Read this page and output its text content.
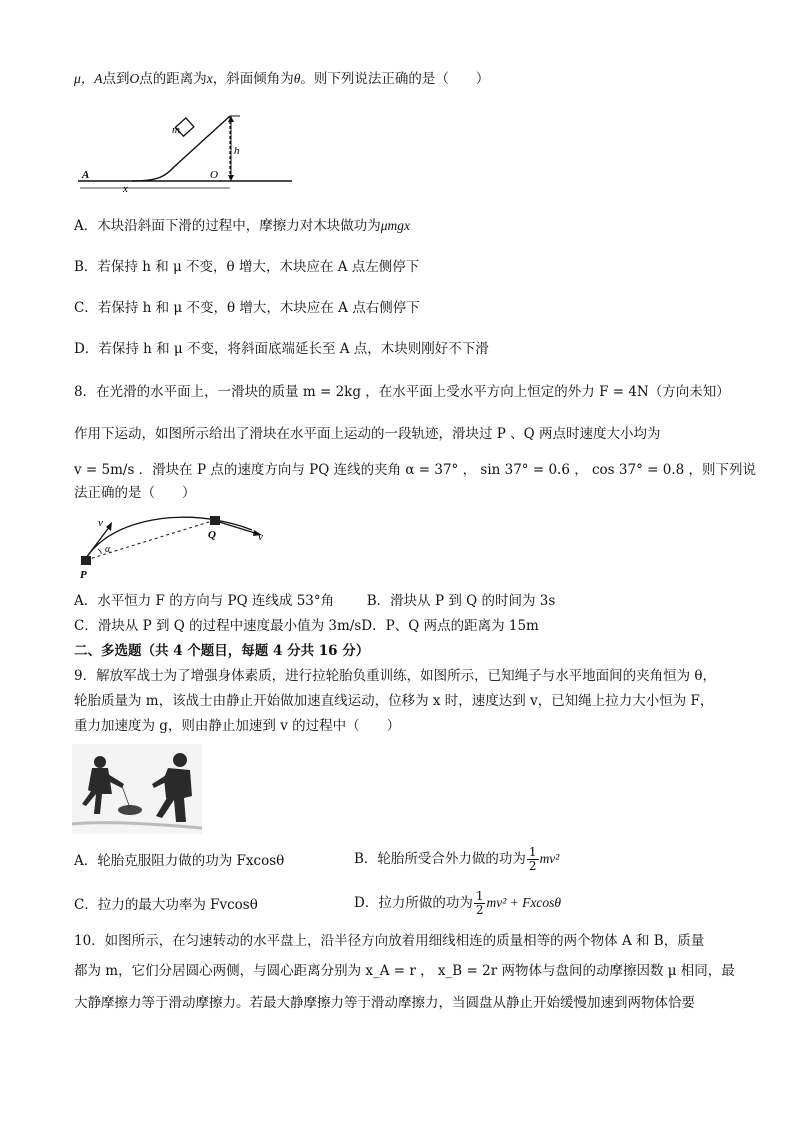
μ，A点到O点的距离为x，斜面倾角为θ。则下列说法正确的是（　　）
m
h
A
x
O
A．木块沿斜面下滑的过程中，摩擦力对木块做功为μmgx
B．若保持 h 和 μ 不变，θ 增大，木块应在 A 点左侧停下
C．若保持 h 和 μ 不变，θ 增大，木块应在 A 点右侧停下
D．若保持 h 和 μ 不变，将斜面底端延长至 A 点，木块则刚好不下滑
8．在光滑的水平面上，一滑块的质量 m = 2kg ，在水平面上受水平方向上恒定的外力 F = 4N（方向未知）
作用下运动，如图所示给出了滑块在水平面上运动的一段轨迹，滑块过 P 、Q 两点时速度大小均为
v = 5m/s ．滑块在 P 点的速度方向与 PQ 连线的夹角 α = 37° ， sin 37° = 0.6 ， cos 37° = 0.8 ，则下列说
法正确的是（　　）
v
α
P
Q	v
A．水平恒力 F 的方向与 PQ 连线成 53°角 B．滑块从 P 到 Q 的时间为 3s
C．滑块从 P 到 Q 的过程中速度最小值为 3m/sD．P、Q 两点的距离为 15m
二、多选题（共 4 个题目，每题 4 分共 16 分）
9．解放军战士为了增强身体素质，进行拉轮胎负重训练，如图所示，已知绳子与水平地面间的夹角恒为 θ，
轮胎质量为 m，该战士由静止开始做加速直线运动，位移为 x 时，速度达到 v，已知绳上拉力大小恒为 F，
重力加速度为 g，则由静止加速到 v 的过程中（　　）
A．轮胎克服阻力做的功为 Fxcosθ	B．轮胎所受合外力做的功为 $\frac{1}{2} mv^2$
C．拉力的最大功率为 Fvcosθ	D．拉力所做的功为 $\frac{1}{2} mv^2 + Fxcos\theta$
10．如图所示，在匀速转动的水平盘上，沿半径方向放着用细线相连的质量相等的两个物体 A 和 B，质量
都为 m，它们分居圆心两侧，与圆心距离分别为 x_A = r ， x_B = 2r 两物体与盘间的动摩擦因数 μ 相同，最
大静摩擦力等于滑动摩擦力。若最大静摩擦力等于滑动摩擦力，当圆盘从静止开始缓慢加速到两物体恰要
